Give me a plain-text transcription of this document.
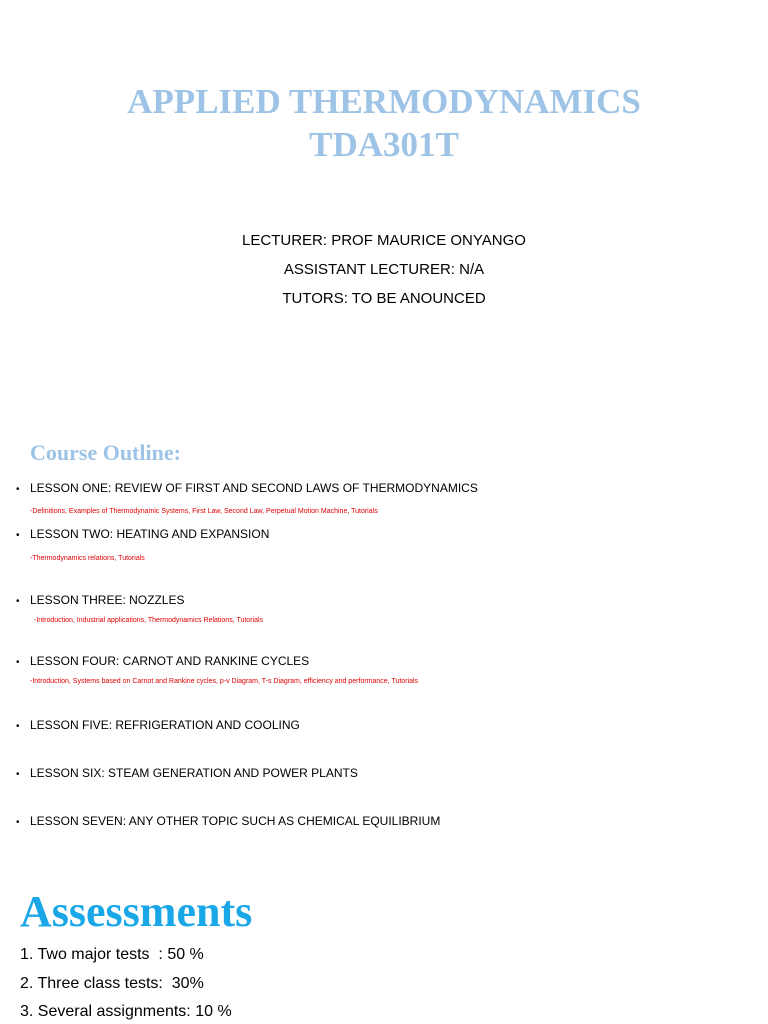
APPLIED THERMODYNAMICS
TDA301T
LECTURER: PROF MAURICE ONYANGO
ASSISTANT LECTURER: N/A
TUTORS: TO BE ANOUNCED
Course Outline:
• LESSON ONE: REVIEW OF FIRST AND SECOND LAWS OF THERMODYNAMICS
-Definitions, Examples of Thermodynamic Systems, First Law, Second Law, Perpetual Motion Machine, Tutorials
• LESSON TWO: HEATING AND EXPANSION
-Thermodynamics relations, Tutorials
• LESSON THREE: NOZZLES
-Introduction, Industrial applications, Thermodynamics Relations, Tutorials
• LESSON FOUR: CARNOT AND RANKINE CYCLES
-Introduction, Systems based on Carnot and Rankine cycles, p-v Diagram, T-s Diagram, efficiency and performance, Tutorials
• LESSON FIVE: REFRIGERATION AND COOLING
• LESSON SIX: STEAM GENERATION AND POWER PLANTS
• LESSON SEVEN: ANY OTHER TOPIC SUCH AS CHEMICAL EQUILIBRIUM
Assessments
1. Two major tests  : 50 %
2. Three class tests:  30%
3. Several assignments: 10 %
